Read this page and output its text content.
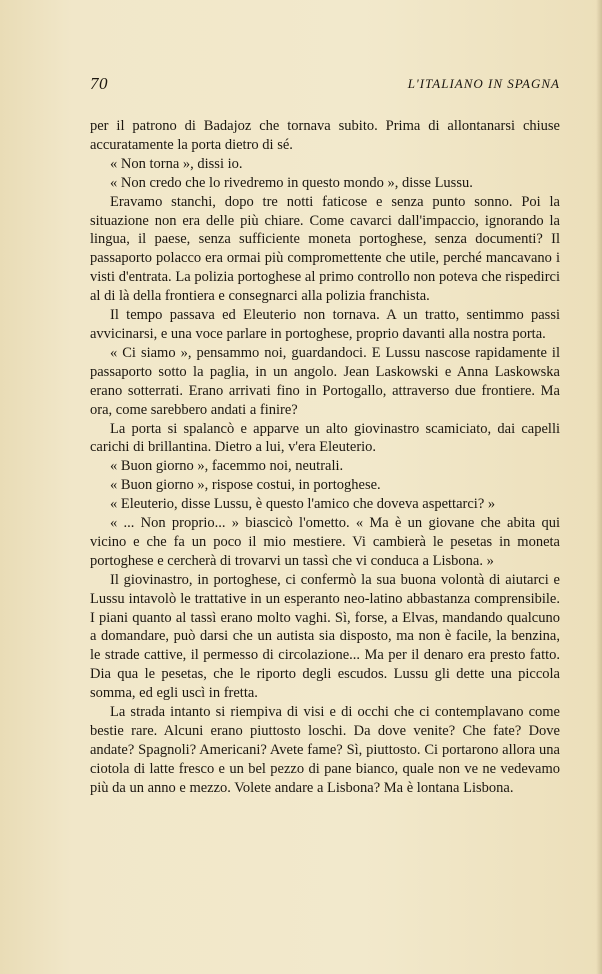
70	L'ITALIANO IN SPAGNA

per il patrono di Badajoz che tornava subito. Prima di allontanarsi chiuse accuratamente la porta dietro di sé.

« Non torna », dissi io.

« Non credo che lo rivedremo in questo mondo », disse Lussu.

Eravamo stanchi, dopo tre notti faticose e senza punto sonno. Poi la situazione non era delle più chiare. Come cavarci dall'impaccio, ignorando la lingua, il paese, senza sufficiente moneta portoghese, senza documenti? Il passaporto polacco era ormai più compromettente che utile, perché mancavano i visti d'entrata. La polizia portoghese al primo controllo non poteva che rispedirci al di là della frontiera e consegnarci alla polizia franchista.

Il tempo passava ed Eleuterio non tornava. A un tratto, sentimmo passi avvicinarsi, e una voce parlare in portoghese, proprio davanti alla nostra porta.

« Ci siamo », pensammo noi, guardandoci. E Lussu nascose rapidamente il passaporto sotto la paglia, in un angolo. Jean Laskowski e Anna Laskowska erano sotterrati. Erano arrivati fino in Portogallo, attraverso due frontiere. Ma ora, come sarebbero andati a finire?

La porta si spalancò e apparve un alto giovinastro scamiciato, dai capelli carichi di brillantina. Dietro a lui, v'era Eleuterio.

« Buon giorno », facemmo noi, neutrali.

« Buon giorno », rispose costui, in portoghese.

« Eleuterio, disse Lussu, è questo l'amico che doveva aspettarci? »

« ... Non proprio... » biascicò l'ometto. « Ma è un giovane che abita qui vicino e che fa un poco il mio mestiere. Vi cambierà le pesetas in moneta portoghese e cercherà di trovarvi un tassì che vi conduca a Lisbona. »

Il giovinastro, in portoghese, ci confermò la sua buona volontà di aiutarci e Lussu intavolò le trattative in un esperanto neo-latino abbastanza comprensibile. I piani quanto al tassì erano molto vaghi. Sì, forse, a Elvas, mandando qualcuno a domandare, può darsi che un autista sia disposto, ma non è facile, la benzina, le strade cattive, il permesso di circolazione... Ma per il denaro era presto fatto. Dia qua le pesetas, che le riporto degli escudos. Lussu gli dette una piccola somma, ed egli uscì in fretta.

La strada intanto si riempiva di visi e di occhi che ci contemplavano come bestie rare. Alcuni erano piuttosto loschi. Da dove venite? Che fate? Dove andate? Spagnoli? Americani? Avete fame? Sì, piuttosto. Ci portarono allora una ciotola di latte fresco e un bel pezzo di pane bianco, quale non ve ne vedevamo più da un anno e mezzo. Volete andare a Lisbona? Ma è lontana Lisbona.
